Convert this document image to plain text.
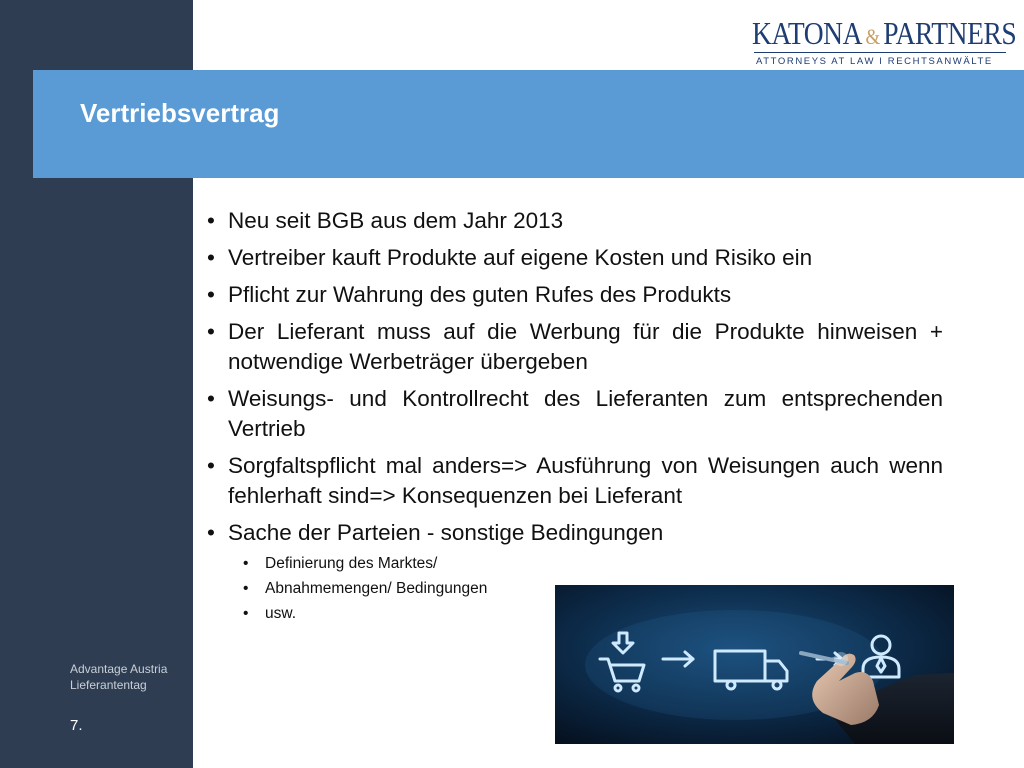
Advantage Austria
Lieferantentag
7.
KATONA & PARTNERS
ATTORNEYS AT LAW I RECHTSANWÄLTE
Vertriebsvertrag
• Neu seit BGB aus dem Jahr 2013
• Vertreiber kauft Produkte auf eigene Kosten und Risiko ein
• Pflicht zur Wahrung des guten Rufes des Produkts
• Der Lieferant muss auf die Werbung für die Produkte hinweisen + notwendige Werbeträger übergeben
• Weisungs- und Kontrollrecht des Lieferanten zum entsprechenden Vertrieb
• Sorgfaltspflicht mal anders=> Ausführung von Weisungen auch wenn fehlerhaft sind=> Konsequenzen bei Lieferant
• Sache der Parteien - sonstige Bedingungen
• Definierung des Marktes/
• Abnahmemengen/ Bedingungen
• usw.
